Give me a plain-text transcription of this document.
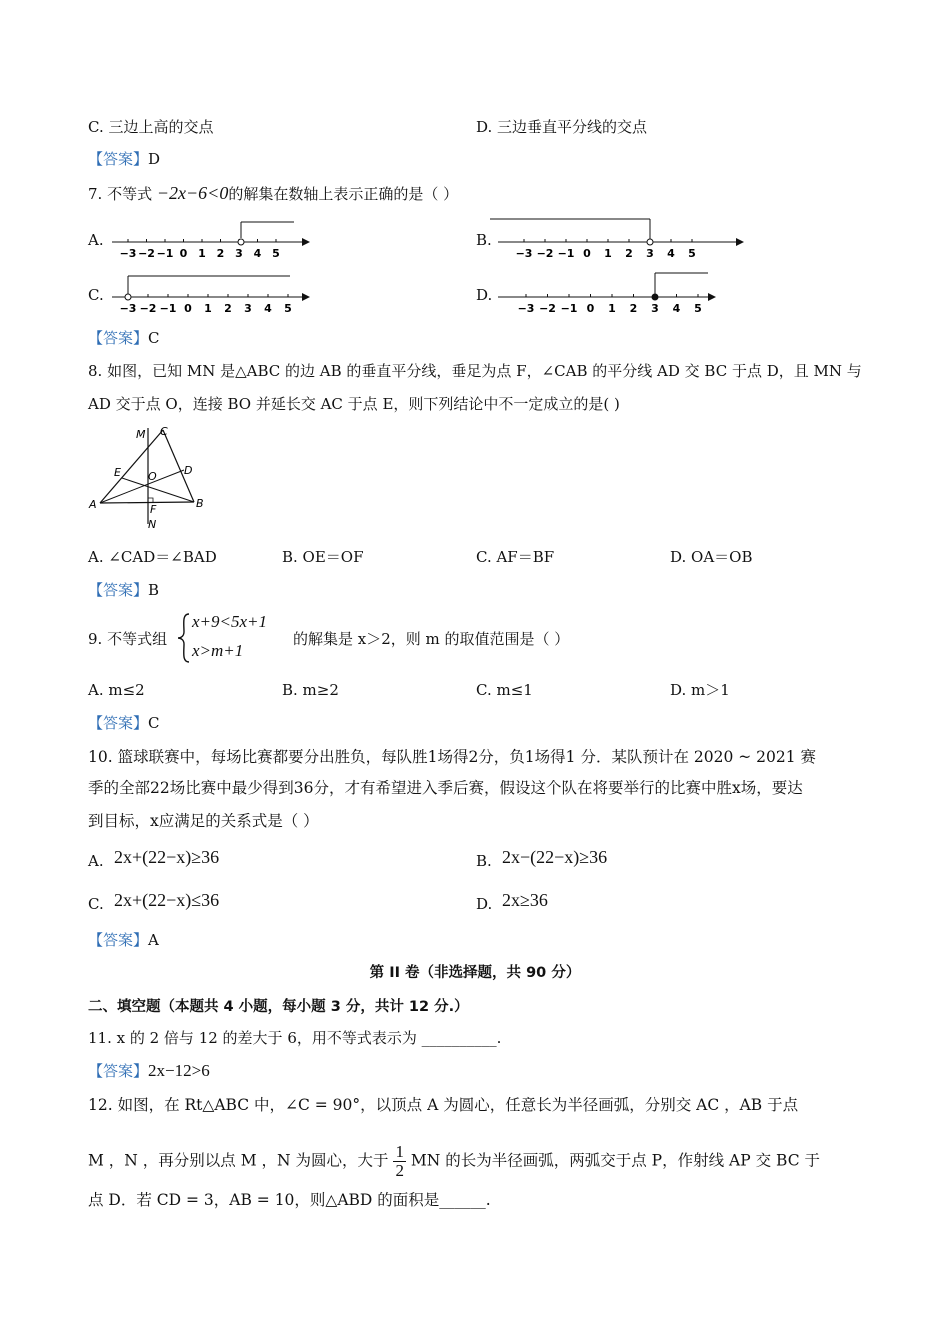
C. 三边上高的交点	D. 三边垂直平分线的交点
【答案】D
7. 不等式 −2x−6<0的解集在数轴上表示正确的是（ ）
A.	B.
C.	D.
−3 −2 −1 0 1 2 3 4 5	−3 −2 −1 0 1 2 3 4 5
−3 −2 −1 0 1 2 3 4 5	−3 −2 −1 0 1 2 3 4 5
【答案】C
8. 如图，已知 MN 是△ABC 的边 AB 的垂直平分线，垂足为点 F，∠CAB 的平分线 AD 交 BC 于点 D，且 MN 与
AD 交于点 O，连接 BO 并延长交 AC 于点 E，则下列结论中不一定成立的是( )
M C
E O D
A	F	B
N
A. ∠CAD＝∠BAD	B. OE＝OF	C. AF＝BF	D. OA＝OB
【答案】B
9. 不等式组
x+9<5x+1
x>m+1
的解集是 x＞2，则 m 的取值范围是（ ）
A. m≤2	B. m≥2	C. m≤1	D. m＞1
【答案】C
10. 篮球联赛中，每场比赛都要分出胜负，每队胜1场得2分，负1场得1 分．某队预计在 2020 ~ 2021 赛
季的全部22场比赛中最少得到36分，才有希望进入季后赛，假设这个队在将要举行的比赛中胜x场，要达
到目标，x应满足的关系式是（ ）
A. 2x+(22−x)≥36	B. 2x−(22−x)≥36
C. 2x+(22−x)≤36	D. 2x≥36
【答案】A
第 II 卷（非选择题，共 90 分）
二、填空题（本题共 4 小题，每小题 3 分，共计 12 分.）
11. x 的 2 倍与 12 的差大于 6，用不等式表示为 __________.
【答案】2x−12>6
12. 如图，在 Rt△ABC 中，∠C = 90°，以顶点 A 为圆心，任意长为半径画弧，分别交 AC ，AB 于点
M ，N ，再分别以点 M ，N 为圆心，大于 $\frac{1}{2}$ MN 的长为半径画弧，两弧交于点 P，作射线 AP 交 BC 于
点 D．若 CD = 3，AB = 10，则△ABD 的面积是______.
